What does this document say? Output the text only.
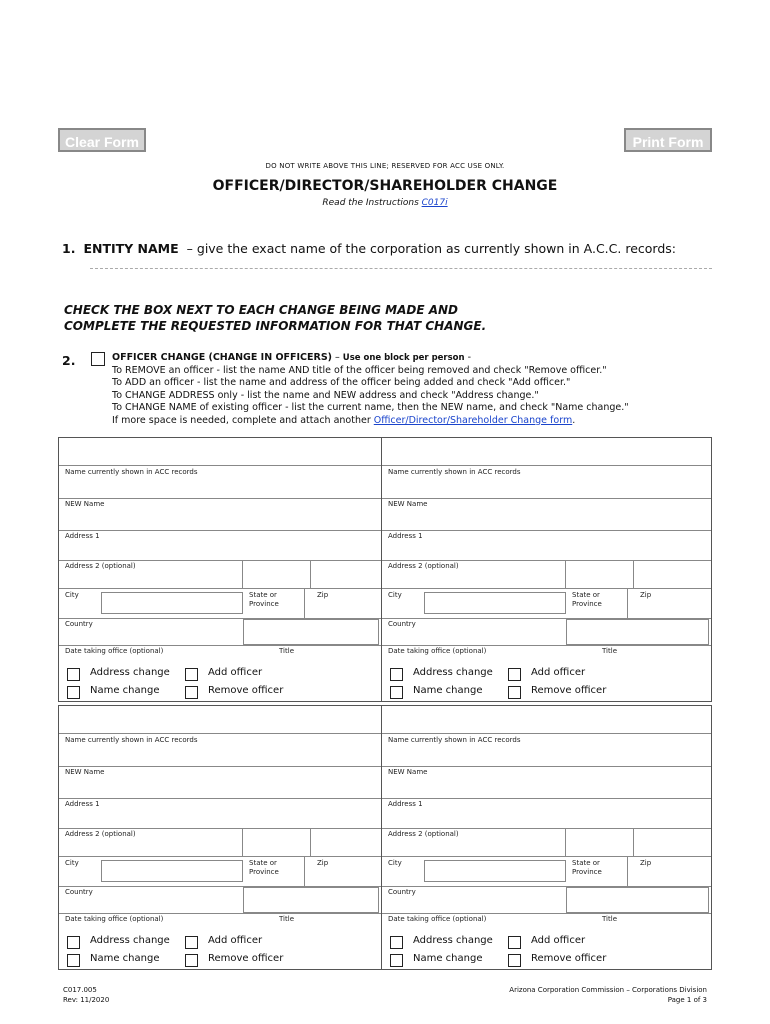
Clear Form	Print Form
DO NOT WRITE ABOVE THIS LINE; RESERVED FOR ACC USE ONLY.
OFFICER/DIRECTOR/SHAREHOLDER CHANGE
Read the Instructions C017i
1. ENTITY NAME – give the exact name of the corporation as currently shown in A.C.C. records:
CHECK THE BOX NEXT TO EACH CHANGE BEING MADE AND
COMPLETE THE REQUESTED INFORMATION FOR THAT CHANGE.
2.	OFFICER CHANGE (CHANGE IN OFFICERS) – Use one block per person -
To REMOVE an officer - list the name AND title of the officer being removed and check "Remove officer."
To ADD an officer - list the name and address of the officer being added and check "Add officer."
To CHANGE ADDRESS only - list the name and NEW address and check "Address change."
To CHANGE NAME of existing officer - list the current name, then the NEW name, and check "Name change."
If more space is needed, complete and attach another Officer/Director/Shareholder Change form.
Name currently shown in ACC records
NEW Name
Address 1
Address 2 (optional)
City	State or
Province
Zip
Country
Date taking office (optional)	Title
Address change	Add officer
Name change	Remove officer
Name currently shown in ACC records
NEW Name
Address 1
Address 2 (optional)
City	State or
Province
Zip
Country
Date taking office (optional)	Title
Address change	Add officer
Name change	Remove officer
Name currently shown in ACC records
NEW Name
Address 1
Address 2 (optional)
City	State or
Province
Zip
Country
Date taking office (optional)	Title
Address change	Add officer
Name change	Remove officer
Name currently shown in ACC records
NEW Name
Address 1
Address 2 (optional)
City	State or
Province
Zip
Country
Date taking office (optional)	Title
Address change	Add officer
Name change	Remove officer
C017.005
Rev: 11/2020
Arizona Corporation Commission – Corporations Division
Page 1 of 3
